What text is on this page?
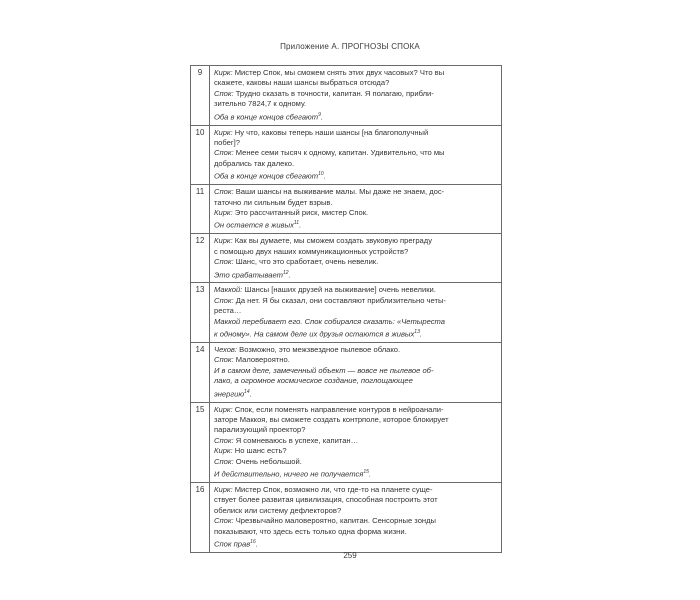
Приложение А. ПРОГНОЗЫ СПОКА
9	Кирк: Мистер Спок, мы сможем снять этих двух часовых? Что вы
скажете, каковы наши шансы выбраться отсюда?
Спок: Трудно сказать в точности, капитан. Я полагаю, прибли-
зительно 7824,7 к одному.
Оба в конце концов сбегают$^9$.
10	Кирк: Ну что, каковы теперь наши шансы [на благополучный
побег]?
Спок: Менее семи тысяч к одному, капитан. Удивительно, что мы
добрались так далеко.
Оба в конце концов сбегают$^{10}$.
11	Спок: Ваши шансы на выживание малы. Мы даже не знаем, дос-
таточно ли сильным будет взрыв.
Кирк: Это рассчитанный риск, мистер Спок.
Он остается в живых$^{11}$.
12	Кирк: Как вы думаете, мы сможем создать звуковую преграду
с помощью двух наших коммуникационных устройств?
Спок: Шанс, что это сработает, очень невелик.
Это срабатывает$^{12}$.
13	Маккой: Шансы [наших друзей на выживание] очень невелики.
Спок: Да нет. Я бы сказал, они составляют приблизительно четы-
реста…
Маккой перебивает его. Спок собирался сказать: «Четыреста
к одному». На самом деле их друзья остаются в живых$^{13}$.
14	Чехов: Возможно, это межзвездное пылевое облако.
Спок: Маловероятно.
И в самом деле, замеченный объект — вовсе не пылевое об-
лако, а огромное космическое создание, поглощающее
энергию$^{14}$.
15	Кирк: Спок, если поменять направление контуров в нейроанали-
заторе Маккоя, вы сможете создать контрполе, которое блокирует
парализующий проектор?
Спок: Я сомневаюсь в успехе, капитан…
Кирк: Но шанс есть?
Спок: Очень небольшой.
И действительно, ничего не получается$^{15}$.
16	Кирк: Мистер Спок, возможно ли, что где-то на планете суще-
ствует более развитая цивилизация, способная построить этот
обелиск или систему дефлекторов?
Спок: Чрезвычайно маловероятно, капитан. Сенсорные зонды
показывают, что здесь есть только одна форма жизни.
Спок прав$^{16}$.
259
